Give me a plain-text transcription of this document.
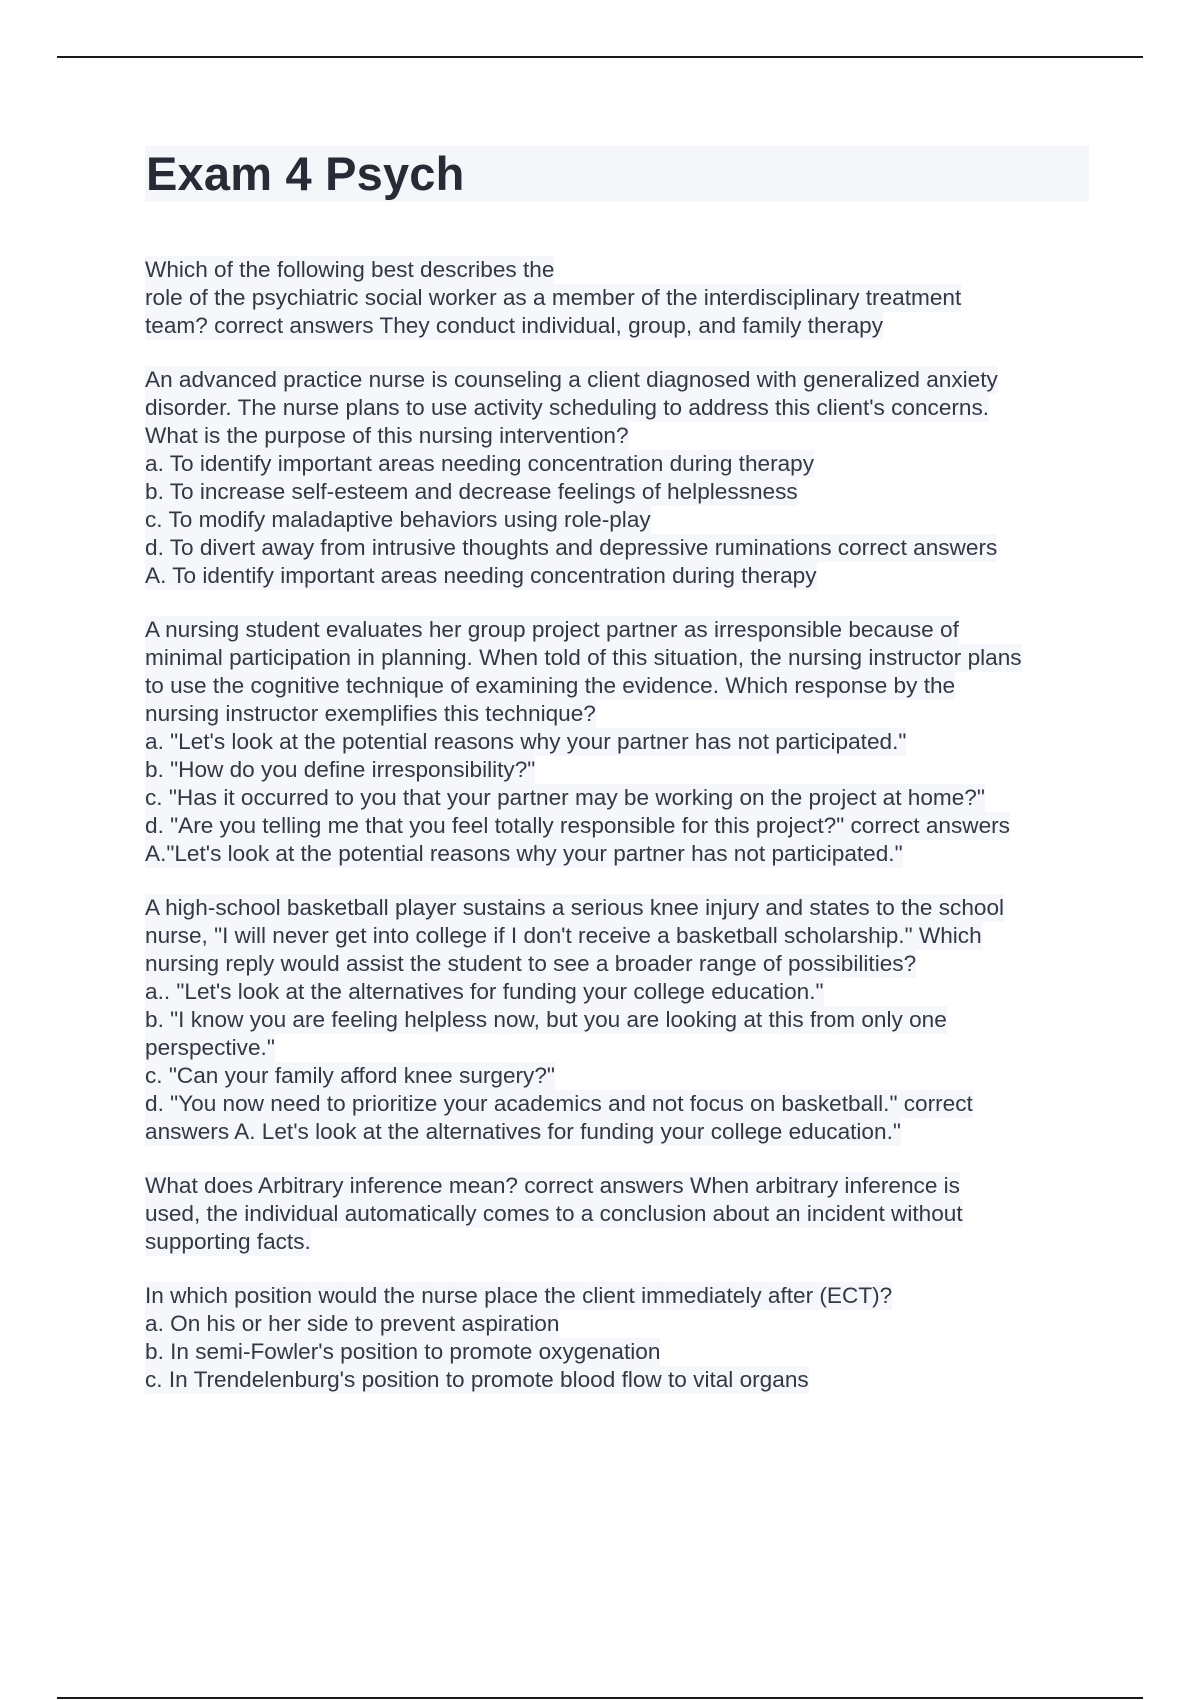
Exam 4 Psych
Which of the following best describes the
role of the psychiatric social worker as a member of the interdisciplinary treatment
team? correct answers They conduct individual, group, and family therapy
An advanced practice nurse is counseling a client diagnosed with generalized anxiety
disorder. The nurse plans to use activity scheduling to address this client's concerns.
What is the purpose of this nursing intervention?
a. To identify important areas needing concentration during therapy
b. To increase self-esteem and decrease feelings of helplessness
c. To modify maladaptive behaviors using role-play
d. To divert away from intrusive thoughts and depressive ruminations correct answers
A. To identify important areas needing concentration during therapy
A nursing student evaluates her group project partner as irresponsible because of
minimal participation in planning. When told of this situation, the nursing instructor plans
to use the cognitive technique of examining the evidence. Which response by the
nursing instructor exemplifies this technique?
a. "Let's look at the potential reasons why your partner has not participated."
b. "How do you define irresponsibility?"
c. "Has it occurred to you that your partner may be working on the project at home?"
d. "Are you telling me that you feel totally responsible for this project?" correct answers
A."Let's look at the potential reasons why your partner has not participated."
A high-school basketball player sustains a serious knee injury and states to the school
nurse, "I will never get into college if I don't receive a basketball scholarship." Which
nursing reply would assist the student to see a broader range of possibilities?
a.. "Let's look at the alternatives for funding your college education."
b. "I know you are feeling helpless now, but you are looking at this from only one
perspective."
c. "Can your family afford knee surgery?"
d. "You now need to prioritize your academics and not focus on basketball." correct
answers A. Let's look at the alternatives for funding your college education."
What does Arbitrary inference mean? correct answers When arbitrary inference is
used, the individual automatically comes to a conclusion about an incident without
supporting facts.
In which position would the nurse place the client immediately after (ECT)?
a. On his or her side to prevent aspiration
b. In semi-Fowler's position to promote oxygenation
c. In Trendelenburg's position to promote blood flow to vital organs
